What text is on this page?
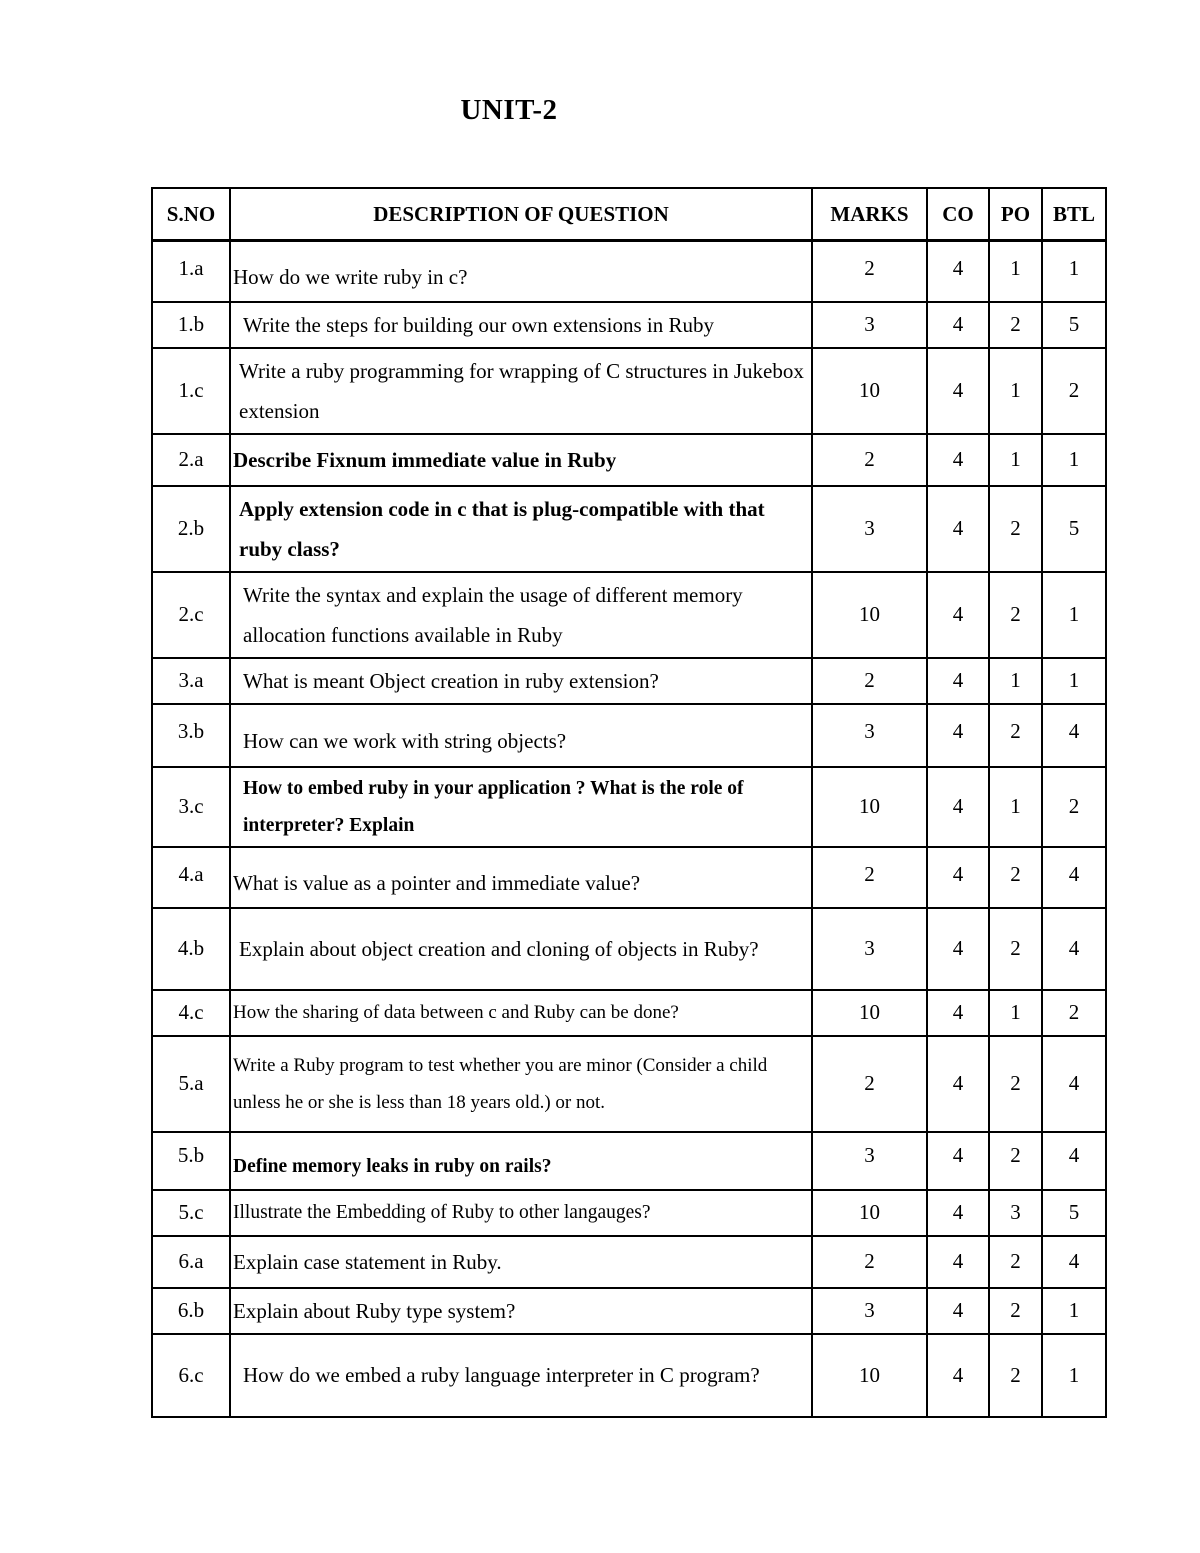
UNIT-2
S.NO	DESCRIPTION OF QUESTION	MARKS	CO	PO	BTL
1.a	How do we write ruby in c?	2	4	1	1
1.b	Write the steps for building our own extensions in Ruby	3	4	2	5
1.c	Write a ruby programming for wrapping of C structures in Jukebox extension	10	4	1	2
2.a	Describe Fixnum immediate value in Ruby	2	4	1	1
2.b	Apply extension code in c that is plug-compatible with that ruby class?	3	4	2	5
2.c	Write the syntax and explain the usage of different memory allocation functions available in Ruby	10	4	2	1
3.a	What is meant Object creation in ruby extension?	2	4	1	1
3.b	How can we work with string objects?	3	4	2	4
3.c	How to embed ruby in your application ? What is the role of interpreter? Explain	10	4	1	2
4.a	What is value as a pointer and immediate value?	2	4	2	4
4.b	Explain about object creation and cloning of objects in Ruby?	3	4	2	4
4.c	How the sharing of data between c and Ruby can be done?	10	4	1	2
5.a	Write a Ruby program to test whether you are minor (Consider a child unless he or she is less than 18 years old.) or not.	2	4	2	4
5.b	Define memory leaks in ruby on rails?	3	4	2	4
5.c	Illustrate the Embedding of Ruby to other langauges?	10	4	3	5
6.a	Explain case statement in Ruby.	2	4	2	4
6.b	Explain about Ruby type system?	3	4	2	1
6.c	How do we embed a ruby language interpreter in C program?	10	4	2	1
